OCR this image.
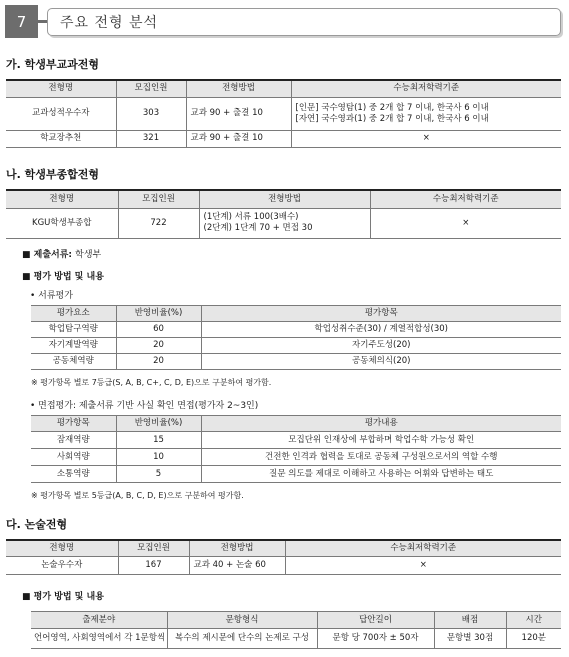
7	주요 전형 분석
가. 학생부교과전형
전형명	모집인원	전형방법	수능최저학력기준
교과성적우수자	303	교과 90 + 출결 10	[인문] 국수영탐(1) 중 2개 합 7 이내, 한국사 6 이내
[자연] 국수영과(1) 중 2개 합 7 이내, 한국사 6 이내

학교장추천	321	교과 90 + 출결 10	×
나. 학생부종합전형
전형명	모집인원	전형방법	수능최저학력기준
KGU학생부종합	722	(1단계) 서류 100(3배수)
(2단계) 1단계 70 + 면접 30	×
■ 제출서류: 학생부
■ 평가 방법 및 내용
• 서류평가
평가요소	반영비율(%)	평가항목
학업탐구역량	60	학업성취수준(30) / 계열적합성(30)
자기계발역량	20	자기주도성(20)
공동체역량	20	공동체의식(20)
※ 평가항목 별로 7등급(S, A, B, C+, C, D, E)으로 구분하여 평가함.
• 면접평가: 제출서류 기반 사실 확인 면접(평가자 2~3인)
평가항목	반영비율(%)	평가내용
잠재역량	15	모집단위 인재상에 부합하며 학업수학 가능성 확인
사회역량	10	건전한 인격과 협력을 토대로 공동체 구성원으로서의 역할 수행
소통역량	5	질문 의도를 제대로 이해하고 사용하는 어휘와 답변하는 태도
※ 평가항목 별로 5등급(A, B, C, D, E)으로 구분하여 평가함.
다. 논술전형
전형명	모집인원	전형방법	수능최저학력기준
논술우수자	167	교과 40 + 논술 60	×
■ 평가 방법 및 내용
출제분야	문항형식	답안길이	배점	시간
언어영역, 사회영역에서 각 1문항씩	복수의 제시문에 단수의 논제로 구성	문항 당 700자 ± 50자	문항별 30점	120분
